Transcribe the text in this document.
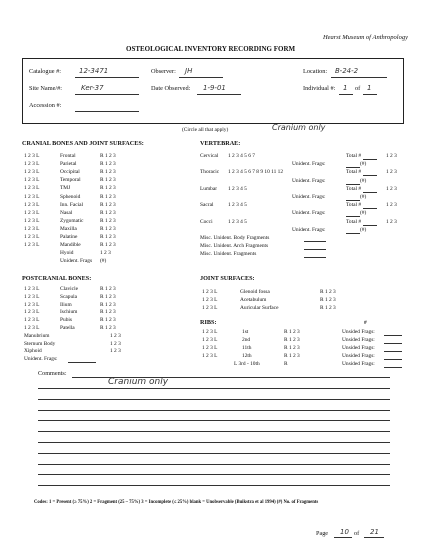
Hearst Museum of Anthropology
OSTEOLOGICAL INVENTORY RECORDING FORM
Catalogue #:	12-3471	Observer: JH	Location: B-24-2
Site Name/#:	Ker-37	Date Observed: 1-9-01	Individual #: 1 of 1
Accession #:
(Circle all that apply)	Cranium only
CRANIAL BONES AND JOINT SURFACES:
1 2 3 L	Frontal	R 1 2 3
1 2 3 L	Parietal	R 1 2 3
1 2 3 L	Occipital	R 1 2 3
1 2 3 L	Temporal	R 1 2 3
1 2 3 L	TMJ	R 1 2 3
1 2 3 L	Sphenoid	R 1 2 3
1 2 3 L	Inn. Facial	R 1 2 3
1 2 3 L	Nasal	R 1 2 3
1 2 3 L	Zygomatic	R 1 2 3
1 2 3 L	Maxilla	R 1 2 3
1 2 3 L	Palatine	R 1 2 3
1 2 3 L	Mandible	R 1 2 3
Hyoid	1 2 3
Unident. Frags (#)
VERTEBRAE:
Cervical 1 2 3 4 5 6 7	Total #	1 2 3
Unident. Frags:	(#)
Thoracic 1 2 3 4 5 6 7 8 9 10 11 12	Total #	1 2 3
Unident. Frags:	(#)
Lumbar 1 2 3 4 5	Total #	1 2 3
Unident. Frags:	(#)
Sacral	1 2 3 4 5	Total #	1 2 3
Unident. Frags:	(#)
Cocci	1 2 3 4 5	Total #	1 2 3
Unident. Frags:	(#)
Misc. Unident. Body Fragments
Misc. Unident. Arch Fragments
Misc. Unident. Fragments
POSTCRANIAL BONES:
1 2 3 L	Clavicle	R 1 2 3
1 2 3 L	Scapula	R 1 2 3
1 2 3 L	Ilium	R 1 2 3
1 2 3 L	Ischium	R 1 2 3
1 2 3 L	Pubis	R 1 2 3
1 2 3 L	Patella	R 1 2 3
Manubrium	1 2 3
Sternum Body	1 2 3
Xiphoid	1 2 3
Unident. Frags:
JOINT SURFACES:
1 2 3 L	Glenoid fossa	R 1 2 3
1 2 3 L	Acetabulum	R 1 2 3
1 2 3 L	Auricular Surface	R 1 2 3
RIBS:	#
1 2 3 L	1st	R 1 2 3	Unsided Frags:
1 2 3 L	2nd	R 1 2 3	Unsided Frags:
1 2 3 L	11th	R 1 2 3	Unsided Frags:
1 2 3 L	12th	R 1 2 3	Unsided Frags:
L 3rd - 10th	R	Unsided Frags:
Comments:
Cranium only
Codes: 1 = Present (≥ 75%) 2 = Fragment (25 – 75%) 3 = Incomplete (≤ 25%) blank = Unobservable (Buikstra et al 1994) (#) No. of Fragments
Page 10 of 21
